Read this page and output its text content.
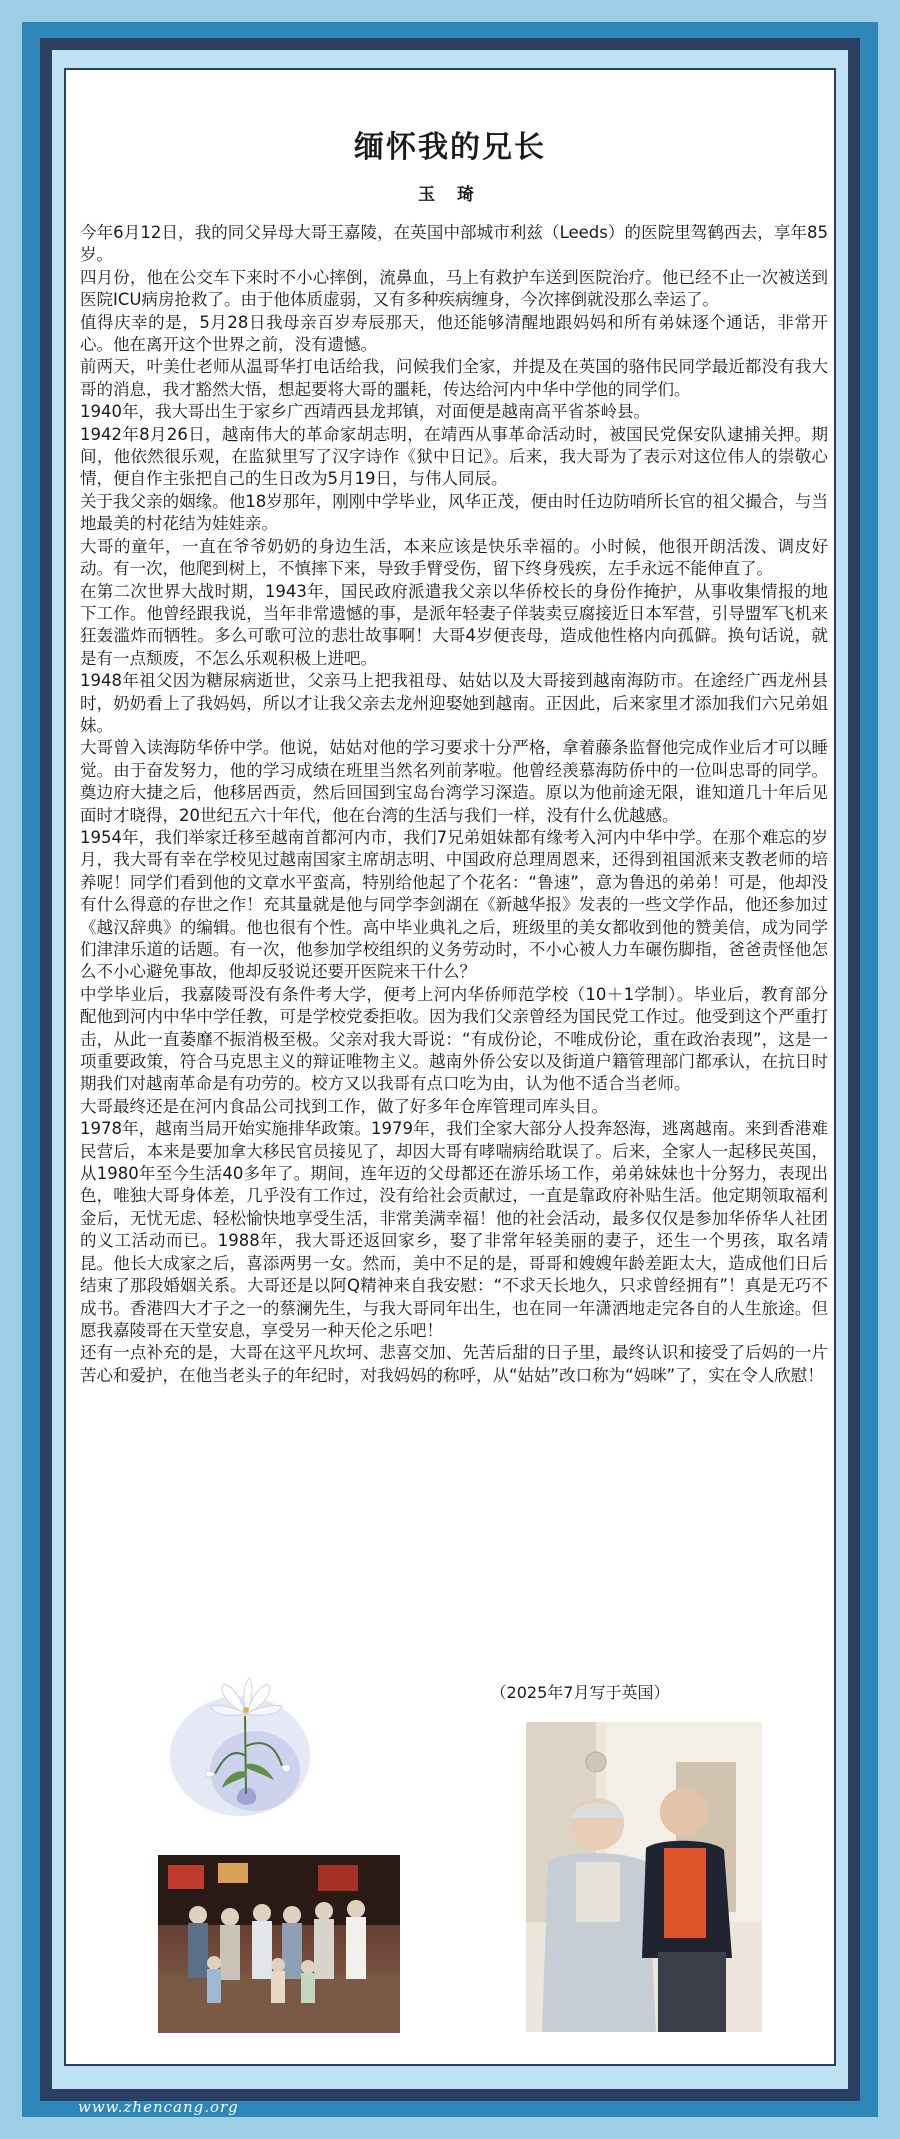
缅怀我的兄长
玉 琦

今年6月12日，我的同父异母大哥王嘉陵，在英国中部城市利兹（Leeds）的医院里驾鹤西去，享年85岁。

四月份，他在公交车下来时不小心摔倒，流鼻血，马上有救护车送到医院治疗。他已经不止一次被送到医院ICU病房抢救了。由于他体质虚弱，又有多种疾病缠身，今次摔倒就没那么幸运了。

值得庆幸的是，5月28日我母亲百岁寿辰那天，他还能够清醒地跟妈妈和所有弟妹逐个通话，非常开心。他在离开这个世界之前，没有遗憾。

前两天，叶美仕老师从温哥华打电话给我，问候我们全家，并提及在英国的骆伟民同学最近都没有我大哥的消息，我才豁然大悟，想起要将大哥的噩耗，传达给河内中华中学他的同学们。

1940年，我大哥出生于家乡广西靖西县龙邦镇，对面便是越南高平省茶岭县。

1942年8月26日，越南伟大的革命家胡志明，在靖西从事革命活动时，被国民党保安队逮捕关押。期间，他依然很乐观，在监狱里写了汉字诗作《狱中日记》。后来，我大哥为了表示对这位伟人的崇敬心情，便自作主张把自己的生日改为5月19日，与伟人同辰。

关于我父亲的姻缘。他18岁那年，刚刚中学毕业，风华正茂，便由时任边防哨所长官的祖父撮合，与当地最美的村花结为娃娃亲。

大哥的童年，一直在爷爷奶奶的身边生活，本来应该是快乐幸福的。小时候，他很开朗活泼、调皮好动。有一次，他爬到树上，不慎摔下来，导致手臂受伤，留下终身残疾，左手永远不能伸直了。

在第二次世界大战时期，1943年，国民政府派遣我父亲以华侨校长的身份作掩护，从事收集情报的地下工作。他曾经跟我说，当年非常遗憾的事，是派年轻妻子佯装卖豆腐接近日本军营，引导盟军飞机来狂轰滥炸而牺牲。多么可歌可泣的悲壮故事啊！大哥4岁便丧母，造成他性格内向孤僻。换句话说，就是有一点颓废，不怎么乐观积极上进吧。

1948年祖父因为糖尿病逝世，父亲马上把我祖母、姑姑以及大哥接到越南海防市。在途经广西龙州县时，奶奶看上了我妈妈，所以才让我父亲去龙州迎娶她到越南。正因此，后来家里才添加我们六兄弟姐妹。

大哥曾入读海防华侨中学。他说，姑姑对他的学习要求十分严格，拿着藤条监督他完成作业后才可以睡觉。由于奋发努力，他的学习成绩在班里当然名列前茅啦。他曾经羡慕海防侨中的一位叫忠哥的同学。奠边府大捷之后，他移居西贡，然后回国到宝岛台湾学习深造。原以为他前途无限，谁知道几十年后见面时才晓得，20世纪五六十年代，他在台湾的生活与我们一样，没有什么优越感。

1954年，我们举家迁移至越南首都河内市，我们7兄弟姐妹都有缘考入河内中华中学。在那个难忘的岁月，我大哥有幸在学校见过越南国家主席胡志明、中国政府总理周恩来，还得到祖国派来支教老师的培养呢！同学们看到他的文章水平蛮高，特别给他起了个花名：“鲁速”，意为鲁迅的弟弟！可是，他却没有什么得意的存世之作！充其量就是他与同学李剑湖在《新越华报》发表的一些文学作品，他还参加过《越汉辞典》的编辑。他也很有个性。高中毕业典礼之后，班级里的美女都收到他的赞美信，成为同学们津津乐道的话题。有一次，他参加学校组织的义务劳动时，不小心被人力车碾伤脚指，爸爸责怪他怎么不小心避免事故，他却反驳说还要开医院来干什么？

中学毕业后，我嘉陵哥没有条件考大学，便考上河内华侨师范学校（10＋1学制）。毕业后，教育部分配他到河内中华中学任教，可是学校党委拒收。因为我们父亲曾经为国民党工作过。他受到这个严重打击，从此一直萎靡不振消极至极。父亲对我大哥说：“有成份论，不唯成份论，重在政治表现”，这是一项重要政策，符合马克思主义的辩证唯物主义。越南外侨公安以及街道户籍管理部门都承认，在抗日时期我们对越南革命是有功劳的。校方又以我哥有点口吃为由，认为他不适合当老师。

大哥最终还是在河内食品公司找到工作，做了好多年仓库管理司库头目。

1978年，越南当局开始实施排华政策。1979年，我们全家大部分人投奔怒海，逃离越南。来到香港难民营后，本来是要加拿大移民官员接见了，却因大哥有哮喘病给耽误了。后来，全家人一起移民英国，从1980年至今生活40多年了。期间，连年迈的父母都还在游乐场工作，弟弟妹妹也十分努力，表现出色，唯独大哥身体差，几乎没有工作过，没有给社会贡献过，一直是靠政府补贴生活。他定期领取福利金后，无忧无虑、轻松愉快地享受生活，非常美满幸福！他的社会活动，最多仅仅是参加华侨华人社团的义工活动而已。1988年，我大哥还返回家乡，娶了非常年轻美丽的妻子，还生一个男孩，取名靖昆。他长大成家之后，喜添两男一女。然而，美中不足的是，哥哥和嫂嫂年龄差距太大，造成他们日后结束了那段婚姻关系。大哥还是以阿Q精神来自我安慰：“不求天长地久，只求曾经拥有”！真是无巧不成书。香港四大才子之一的蔡澜先生，与我大哥同年出生，也在同一年潇洒地走完各自的人生旅途。但愿我嘉陵哥在天堂安息，享受另一种天伦之乐吧！

还有一点补充的是，大哥在这平凡坎坷、悲喜交加、先苦后甜的日子里，最终认识和接受了后妈的一片苦心和爱护，在他当老头子的年纪时，对我妈妈的称呼，从“姑姑”改口称为“妈咪”了，实在令人欣慰！

（2025年7月写于英国）
www.zhencang.org
